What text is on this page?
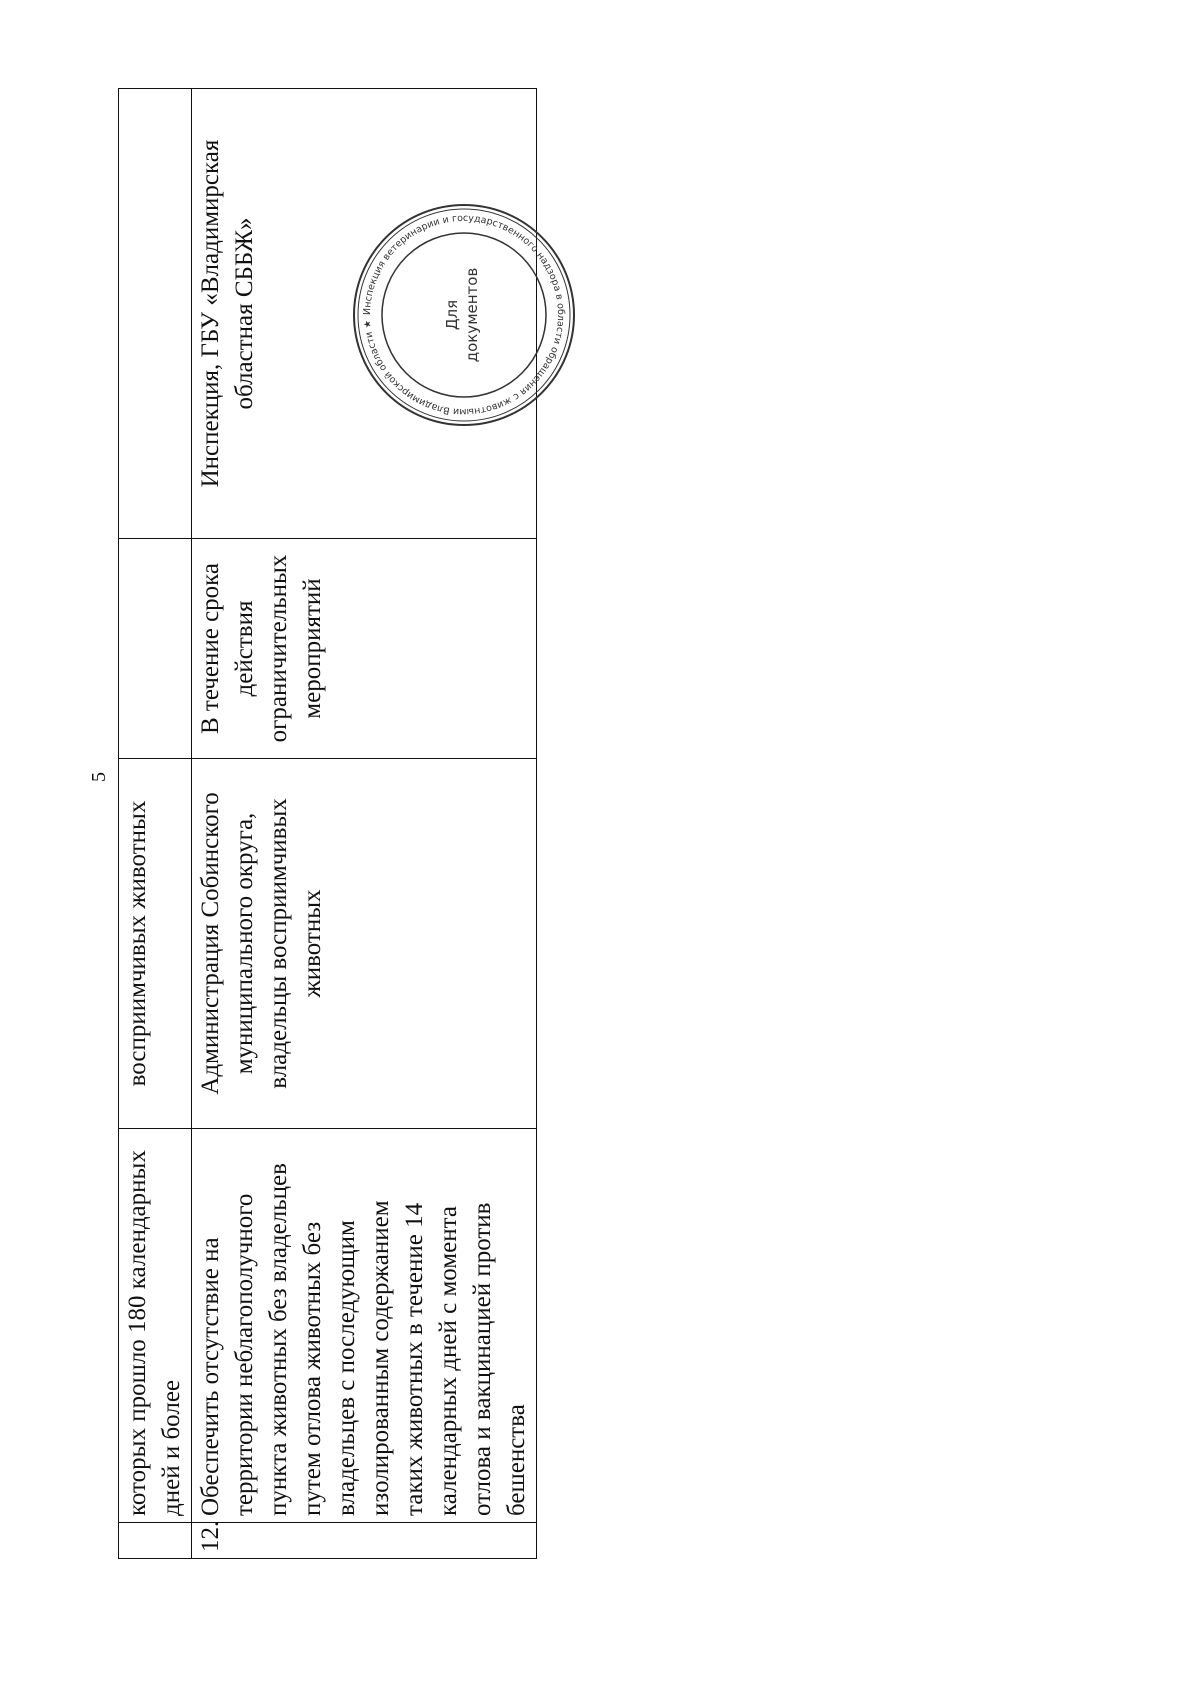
5
	которых прошло 180 календарных дней и более	восприимчивых животных		
12.	Обеспечить отсутствие на территории неблагополучного пункта животных без владельцев путем отлова животных без владельцев с последующим изолированным содержанием таких животных в течение 14 календарных дней с момента отлова и вакцинацией против бешенства	Администрация Собинского муниципального округа, владельцы восприимчивых животных	В течение срока действия ограничительных мероприятий	Инспекция, ГБУ «Владимирская областная СББЖ»	Инспекция ветеринарии и государственного надзора в области обращения с животными Владимирской области ★	Для документов
